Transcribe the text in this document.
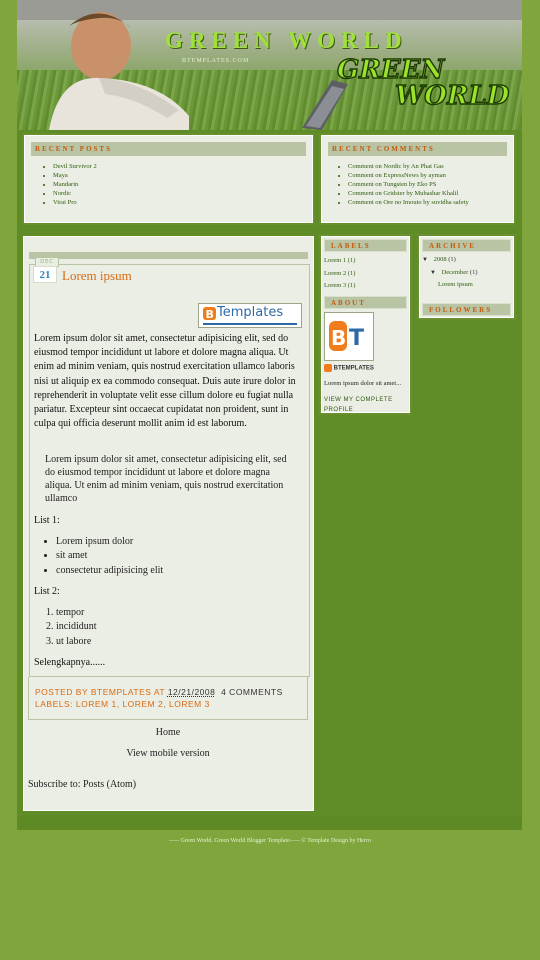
GREEN WORLD
BTEMPLATES.COM	GREEN
WORLD
RECENT POSTS
• Devil Survivor 2
• Maya
• Mandarin
• Nordic
• Virai Pro
RECENT COMMENTS
• Comment on Nordic by An Phat Gas
• Comment on ExpressNews by ayman
• Comment on Tungsten by Eko PS
• Comment on Gridster by Mubashar Khalil
• Comment on Ore no Imouto by suvidha safety
DEC
21 Lorem ipsum
B Templates
Lorem ipsum dolor sit amet, consectetur adipisicing elit, sed do eiusmod tempor incididunt ut labore et dolore magna aliqua. Ut enim ad minim veniam, quis nostrud exercitation ullamco laboris nisi ut aliquip ex ea commodo consequat. Duis aute irure dolor in reprehenderit in voluptate velit esse cillum dolore eu fugiat nulla pariatur. Excepteur sint occaecat cupidatat non proident, sunt in culpa qui officia deserunt mollit anim id est laborum.
Lorem ipsum dolor sit amet, consectetur adipisicing elit, sed do eiusmod tempor incididunt ut labore et dolore magna aliqua. Ut enim ad minim veniam, quis nostrud exercitation ullamco
List 1:
• Lorem ipsum dolor
• sit amet
• consectetur adipisicing elit
List 2:
1. tempor
2. incididunt
3. ut labore
Selengkapnya......
POSTED BY BTEMPLATES AT 12/21/2008 4 COMMENTS
LABELS: LOREM 1, LOREM 2, LOREM 3
Home
View mobile version
Subscribe to: Posts (Atom)
LABELS
Lorem 1 (1)
Lorem 2 (1)
Lorem 3 (1)
ABOUT
B T
BTEMPLATES
Lorem ipsum dolor sit amet...
VIEW MY COMPLETE
PROFILE
ARCHIVE
▼ 2008 (1)
▼ December (1)
Lorem ipsum
FOLLOWERS
----- Green World. Green World Blogger Template----- © Template Design by Herro
